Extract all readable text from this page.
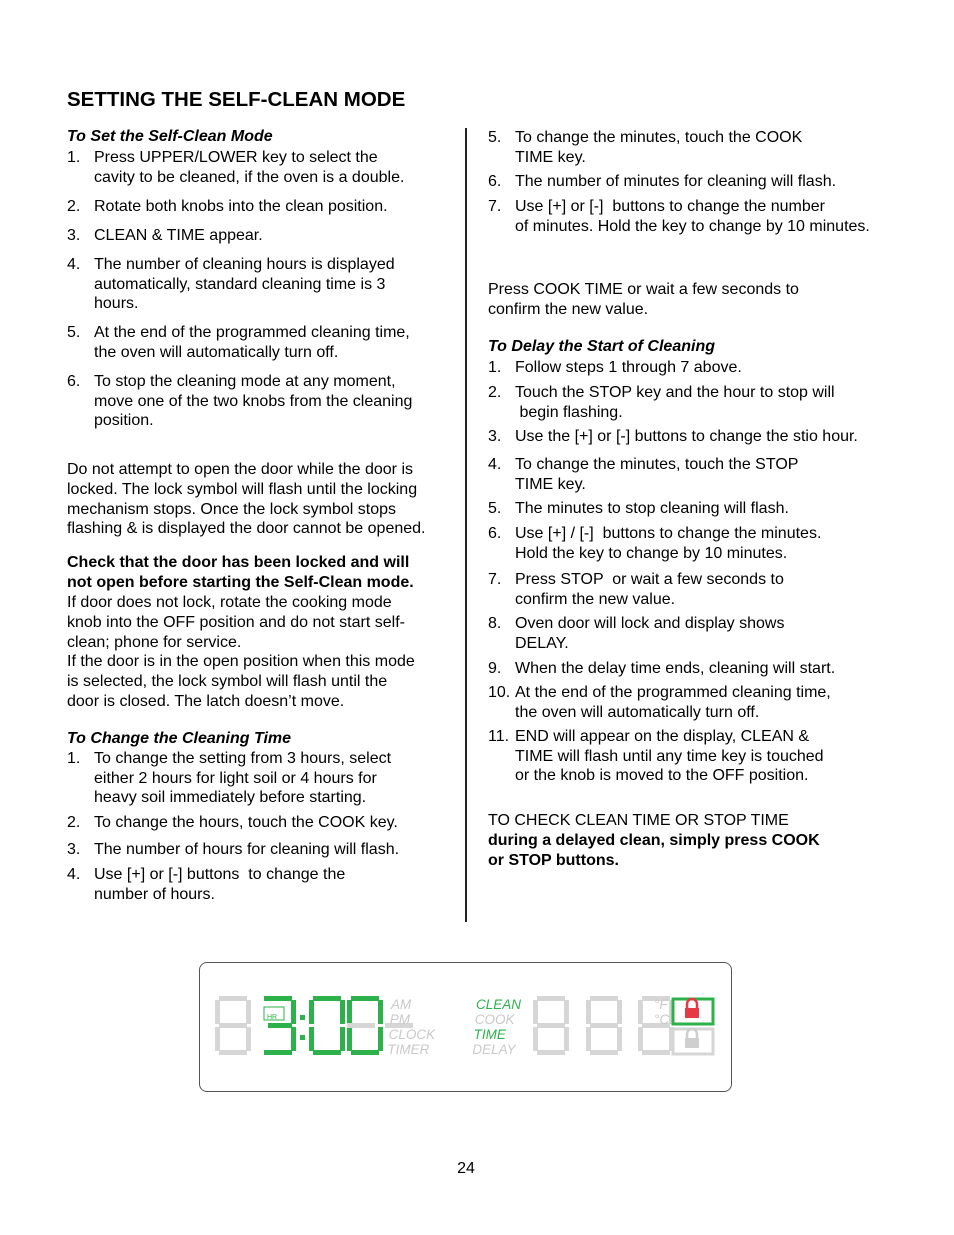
SETTING THE SELF-CLEAN MODE
To Set the Self-Clean Mode
1. Press UPPER/LOWER key to select the
cavity to be cleaned, if the oven is a double.
2. Rotate both knobs into the clean position.
3. CLEAN & TIME appear.
4. The number of cleaning hours is displayed
automatically, standard cleaning time is 3
hours.
5. At the end of the programmed cleaning time,
the oven will automatically turn off.
6. To stop the cleaning mode at any moment,
move one of the two knobs from the cleaning
position.
Do not attempt to open the door while the door is
locked. The lock symbol will flash until the locking
mechanism stops. Once the lock symbol stops
flashing & is displayed the door cannot be opened.
Check that the door has been locked and will
not open before starting the Self-Clean mode.
If door does not lock, rotate the cooking mode
knob into the OFF position and do not start self-
clean; phone for service.
If the door is in the open position when this mode
is selected, the lock symbol will flash until the
door is closed. The latch doesn’t move.
To Change the Cleaning Time
1. To change the setting from 3 hours, select
either 2 hours for light soil or 4 hours for
heavy soil immediately before starting.
2. To change the hours, touch the COOK key.
3. The number of hours for cleaning will flash.
4. Use [+] or [-] buttons  to change the
number of hours.
5. To change the minutes, touch the COOK
TIME key.
6. The number of minutes for cleaning will flash.
7. Use [+] or [-]  buttons to change the number
of minutes. Hold the key to change by 10 minutes.
Press COOK TIME or wait a few seconds to
confirm the new value.
To Delay the Start of Cleaning
1. Follow steps 1 through 7 above.
2. Touch the STOP key and the hour to stop will
begin flashing.
3. Use the [+] or [-] buttons to change the stio hour.
4. To change the minutes, touch the STOP
TIME key.
5. The minutes to stop cleaning will flash.
6. Use [+] / [-]  buttons to change the minutes.
Hold the key to change by 10 minutes.
7. Press STOP  or wait a few seconds to
confirm the new value.
8. Oven door will lock and display shows
DELAY.
9. When the delay time ends, cleaning will start.
10. At the end of the programmed cleaning time,
the oven will automatically turn off.
11. END will appear on the display, CLEAN &
TIME will flash until any time key is touched
or the knob is moved to the OFF position.
TO CHECK CLEAN TIME OR STOP TIME
during a delayed clean, simply press COOK
or STOP buttons.
HR
AM
PM
CLOCK
TIMER
CLEAN
COOK
TIME
DELAY
°F
°C
24
